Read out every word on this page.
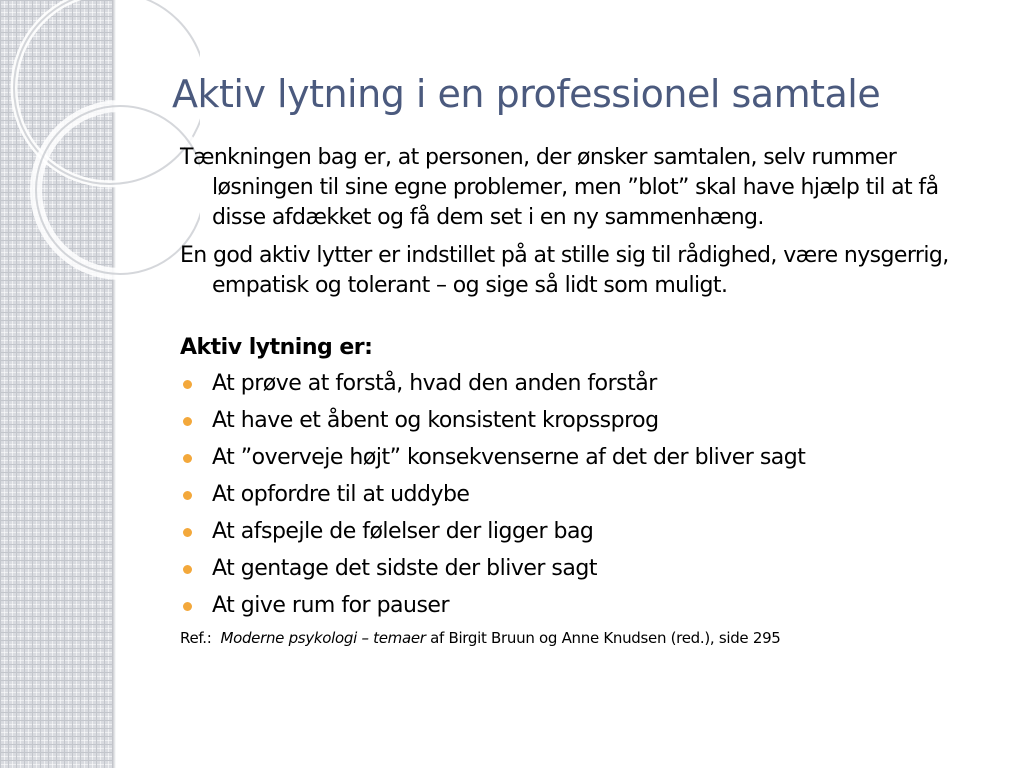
Aktiv lytning i en professionel samtale

Tænkningen bag er, at personen, der ønsker samtalen, selv rummer løsningen til sine egne problemer, men ”blot” skal have hjælp til at få disse afdækket og få dem set i en ny sammenhæng.

En god aktiv lytter er indstillet på at stille sig til rådighed, være nysgerrig, empatisk og tolerant – og sige så lidt som muligt.

Aktiv lytning er:
At prøve at forstå, hvad den anden forstår
At have et åbent og konsistent kropssprog
At ”overveje højt” konsekvenserne af det der bliver sagt
At opfordre til at uddybe
At afspejle de følelser der ligger bag
At gentage det sidste der bliver sagt
At give rum for pauser
Ref.: Moderne psykologi – temaer af Birgit Bruun og Anne Knudsen (red.), side 295
